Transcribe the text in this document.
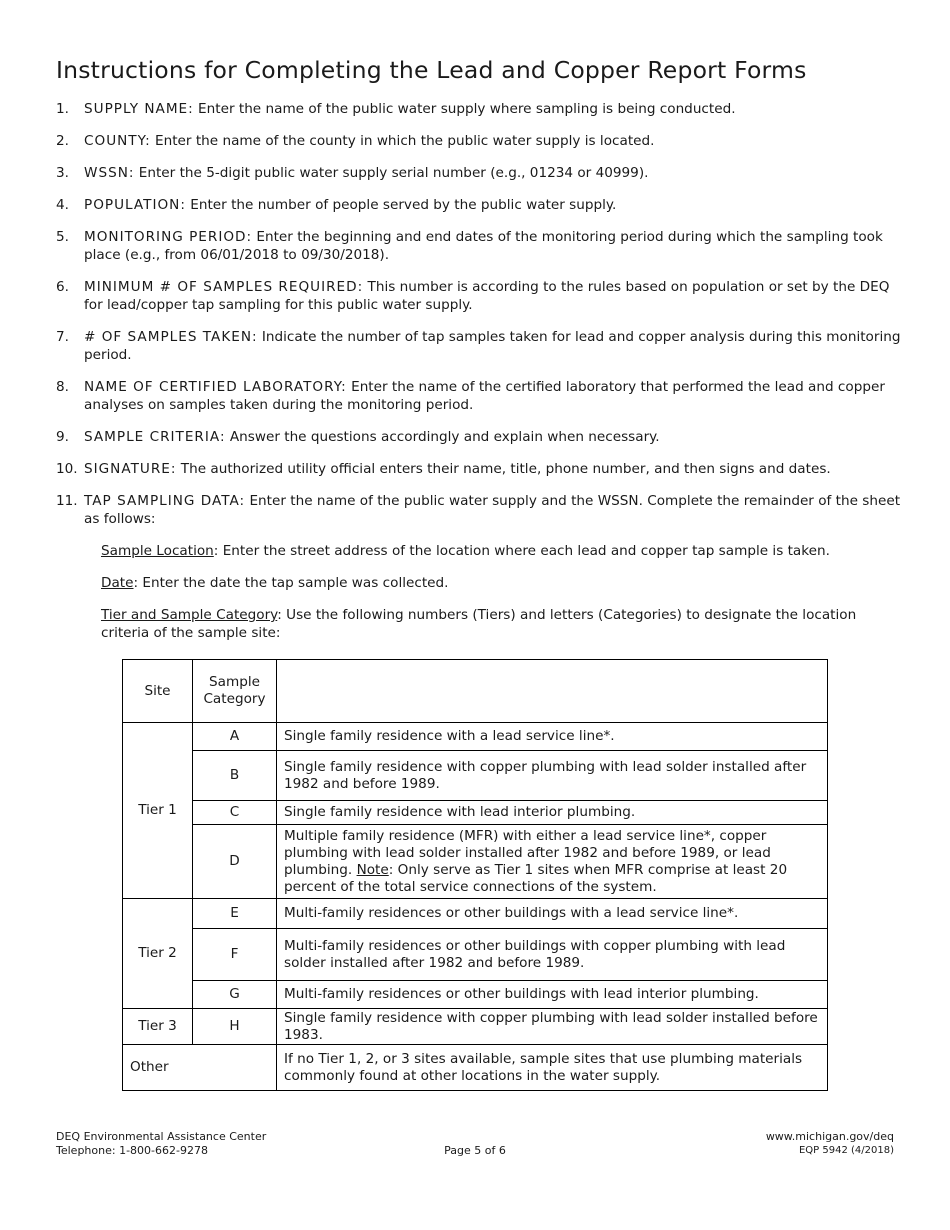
Instructions for Completing the Lead and Copper Report Forms
1.	SUPPLY NAME: Enter the name of the public water supply where sampling is being conducted.
2.	COUNTY: Enter the name of the county in which the public water supply is located.
3.	WSSN: Enter the 5-digit public water supply serial number (e.g., 01234 or 40999).
4.	POPULATION: Enter the number of people served by the public water supply.
5.	MONITORING PERIOD: Enter the beginning and end dates of the monitoring period during which the sampling took place (e.g., from 06/01/2018 to 09/30/2018).
6.	MINIMUM # OF SAMPLES REQUIRED: This number is according to the rules based on population or set by the DEQ for lead/copper tap sampling for this public water supply.
7.	# OF SAMPLES TAKEN: Indicate the number of tap samples taken for lead and copper analysis during this monitoring period.
8.	NAME OF CERTIFIED LABORATORY: Enter the name of the certified laboratory that performed the lead and copper analyses on samples taken during the monitoring period.
9.	SAMPLE CRITERIA: Answer the questions accordingly and explain when necessary.
10. SIGNATURE: The authorized utility official enters their name, title, phone number, and then signs and dates.
11. TAP SAMPLING DATA: Enter the name of the public water supply and the WSSN. Complete the remainder of the sheet as follows:
Sample Location: Enter the street address of the location where each lead and copper tap sample is taken.
Date: Enter the date the tap sample was collected.
Tier and Sample Category: Use the following numbers (Tiers) and letters (Categories) to designate the location criteria of the sample site:
Site	Sample
Category	
Tier 1	A	Single family residence with a lead service line*.
	B	Single family residence with copper plumbing with lead solder installed after 1982 and before 1989.
	C	Single family residence with lead interior plumbing.
	D	Multiple family residence (MFR) with either a lead service line*, copper plumbing with lead solder installed after 1982 and before 1989, or lead plumbing. Note: Only serve as Tier 1 sites when MFR comprise at least 20 percent of the total service connections of the system.
Tier 2	E	Multi-family residences or other buildings with a lead service line*.
	F	Multi-family residences or other buildings with copper plumbing with lead solder installed after 1982 and before 1989.
	G	Multi-family residences or other buildings with lead interior plumbing.
Tier 3	H	Single family residence with copper plumbing with lead solder installed before 1983.
Other		If no Tier 1, 2, or 3 sites available, sample sites that use plumbing materials commonly found at other locations in the water supply.
DEQ Environmental Assistance Center
Telephone: 1-800-662-9278	Page 5 of 6
www.michigan.gov/deq
EQP 5942 (4/2018)
